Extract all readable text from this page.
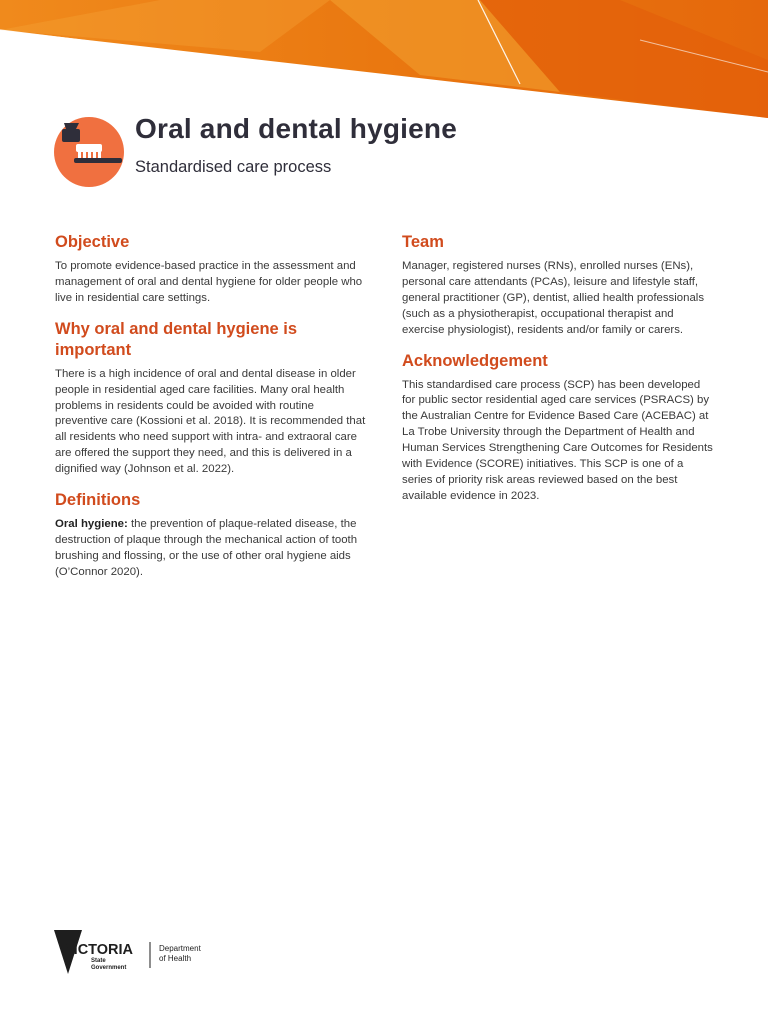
Oral and dental hygiene

Standardised care process

Objective

To promote evidence-based practice in the assessment and management of oral and dental hygiene for older people who live in residential care settings.

Why oral and dental hygiene is important

There is a high incidence of oral and dental disease in older people in residential aged care facilities. Many oral health problems in residents could be avoided with routine preventive care (Kossioni et al. 2018). It is recommended that all residents who need support with intra- and extraoral care are offered the support they need, and this is delivered in a dignified way (Johnson et al. 2022).

Definitions

Oral hygiene: the prevention of plaque-related disease, the destruction of plaque through the mechanical action of tooth brushing and flossing, or the use of other oral hygiene aids (O’Connor 2020).

Team

Manager, registered nurses (RNs), enrolled nurses (ENs), personal care attendants (PCAs), leisure and lifestyle staff, general practitioner (GP), dentist, allied health professionals (such as a physiotherapist, occupational therapist and exercise physiologist), residents and/or family or carers.

Acknowledgement

This standardised care process (SCP) has been developed for public sector residential aged care services (PSRACS) by the Australian Centre for Evidence Based Care (ACEBAC) at La Trobe University through the Department of Health and Human Services Strengthening Care Outcomes for Residents with Evidence (SCORE) initiatives. This SCP is one of a series of priority risk areas reviewed based on the best available evidence in 2023.

VICTORIA
State
Government
Department
of Health
